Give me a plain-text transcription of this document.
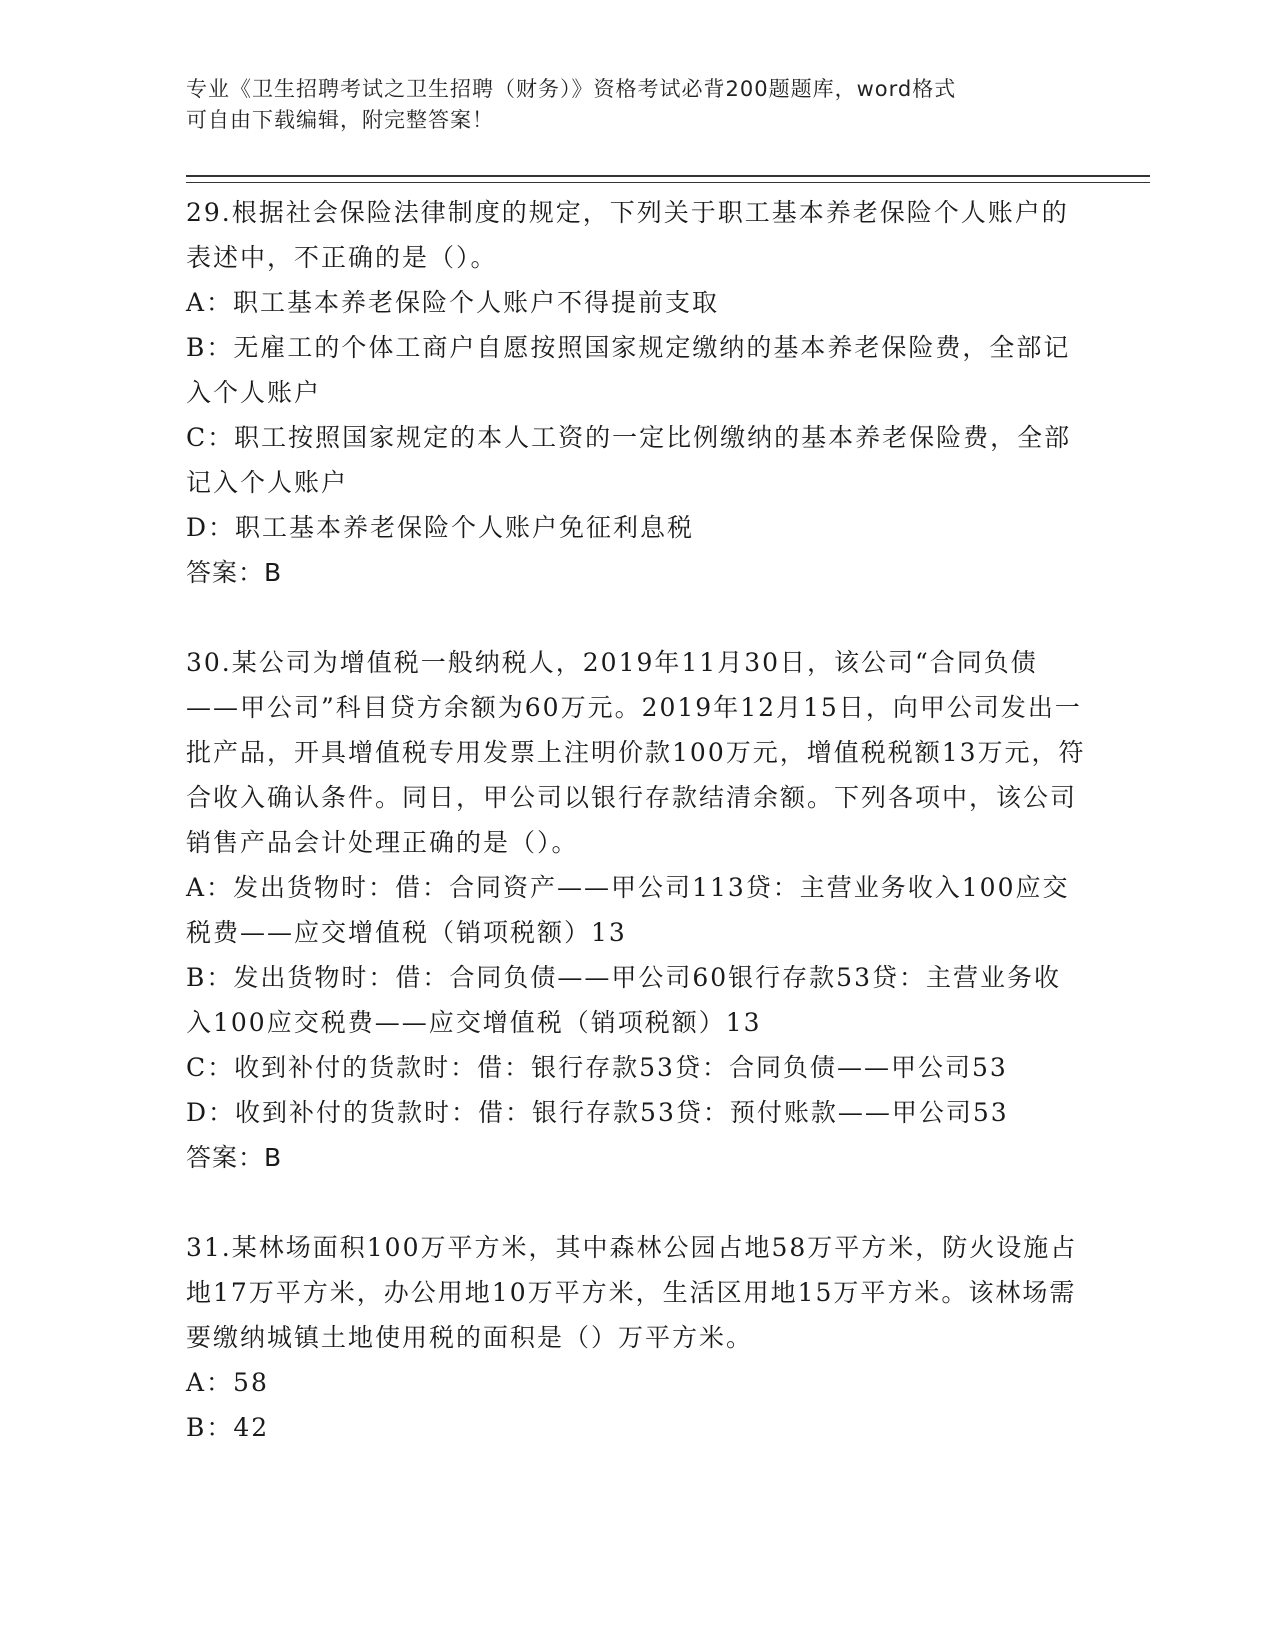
专业《卫生招聘考试之卫生招聘（财务）》资格考试必背200题题库，word格式
可自由下载编辑，附完整答案！

29.根据社会保险法律制度的规定，下列关于职工基本养老保险个人账户的表述中，不正确的是（）。

A：职工基本养老保险个人账户不得提前支取

B：无雇工的个体工商户自愿按照国家规定缴纳的基本养老保险费，全部记入个人账户

C：职工按照国家规定的本人工资的一定比例缴纳的基本养老保险费，全部记入个人账户

D：职工基本养老保险个人账户免征利息税

答案：B

30.某公司为增值税一般纳税人，2019年11月30日，该公司“合同负债——甲公司”科目贷方余额为60万元。2019年12月15日，向甲公司发出一批产品，开具增值税专用发票上注明价款100万元，增值税税额13万元，符合收入确认条件。同日，甲公司以银行存款结清余额。下列各项中，该公司销售产品会计处理正确的是（）。

A：发出货物时：借：合同资产——甲公司113贷：主营业务收入100应交税费——应交增值税（销项税额）13

B：发出货物时：借：合同负债——甲公司60银行存款53贷：主营业务收入100应交税费——应交增值税（销项税额）13

C：收到补付的货款时：借：银行存款53贷：合同负债——甲公司53

D：收到补付的货款时：借：银行存款53贷：预付账款——甲公司53

答案：B

31.某林场面积100万平方米，其中森林公园占地58万平方米，防火设施占地17万平方米，办公用地10万平方米，生活区用地15万平方米。该林场需要缴纳城镇土地使用税的面积是（）万平方米。

A：58

B：42
